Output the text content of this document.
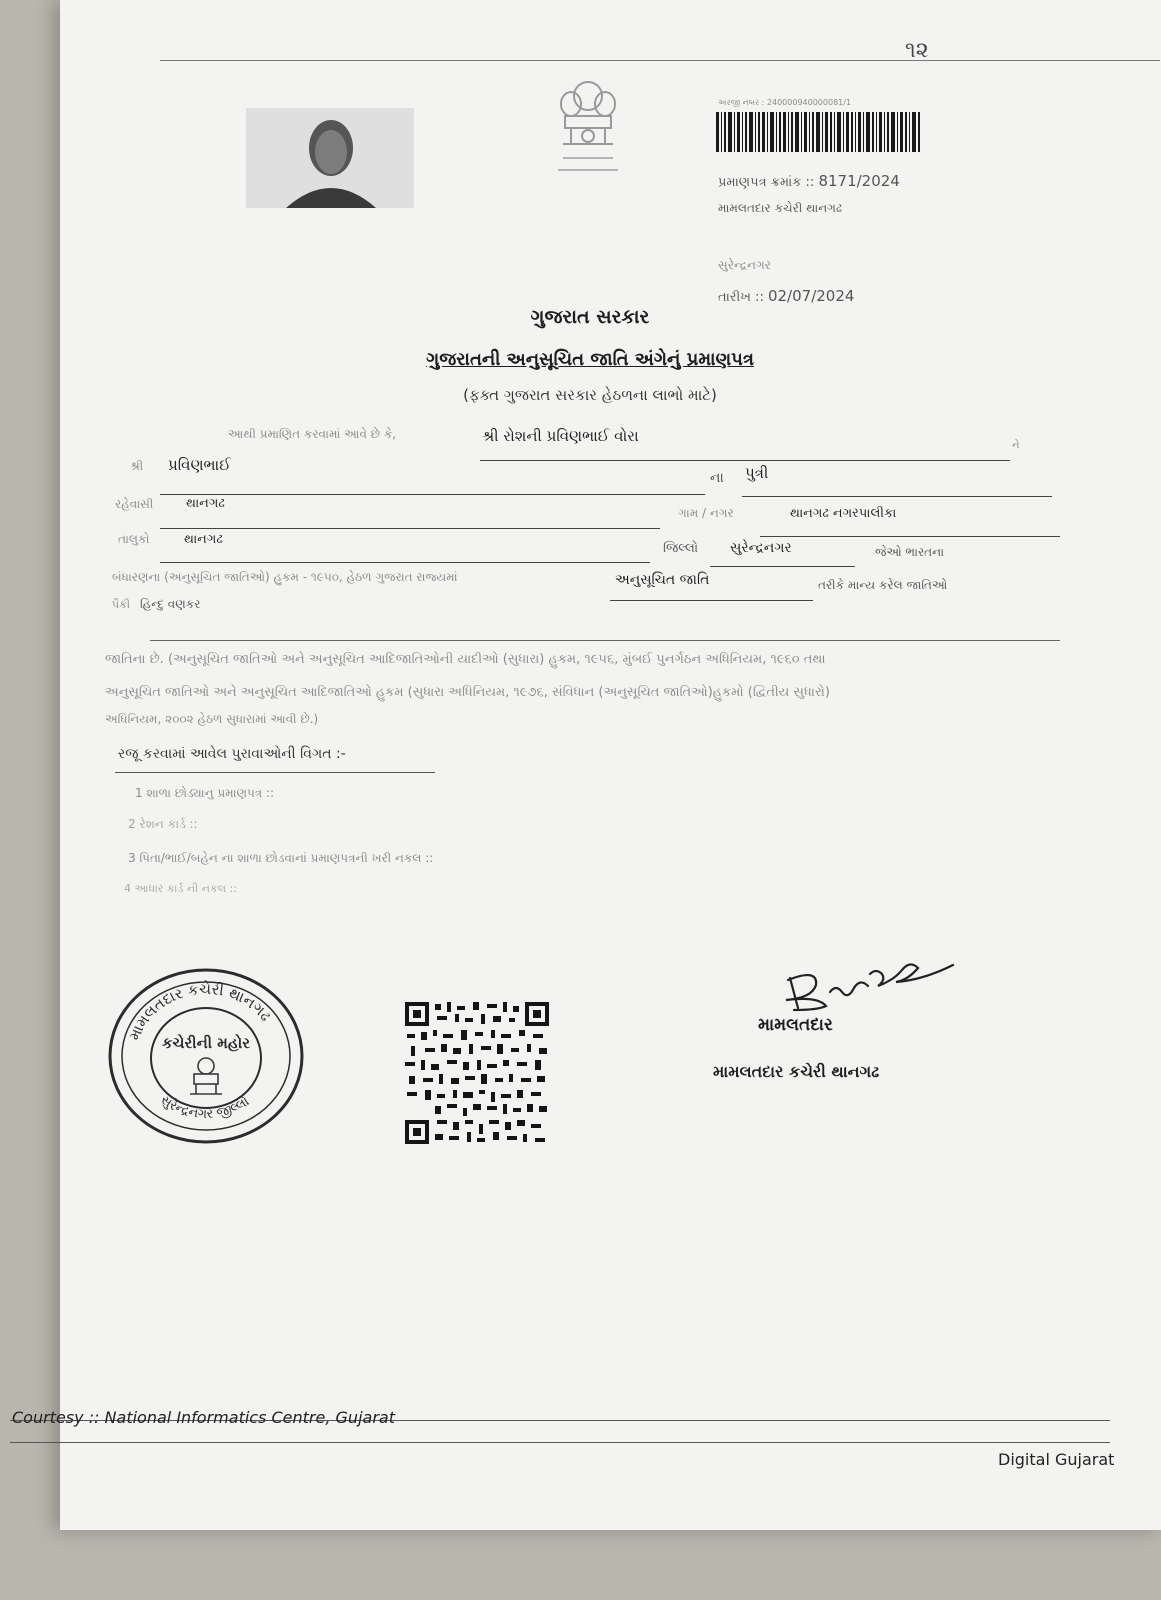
૧૨
અરજી નંબર : 240000940000081/1
પ્રમાણપત્ર ક્રમાંક :: 8171/2024
મામલતદાર કચેરી થાનગઢ
સુરેન્દ્રનગર
તારીખ :: 02/07/2024
ગુજરાત સરકાર
ગુજરાતની અનુસૂચિત જાતિ અંગેનું પ્રમાણપત્ર
(ફક્ત ગુજરાત સરકાર હેઠળના લાભો માટે)
આથી પ્રમાણિત કરવામાં આવે છે કે,	શ્રી રોશની પ્રવિણભાઈ વોરા
ને
શ્રી પ્રવિણભાઈ
ના પુત્રી
રહેવાસી	થાનગઢ
ગામ / નગર	થાનગઢ નગરપાલીકા
તાલુકો	થાનગઢ
જિલ્લો સુરેન્દ્રનગર	જેઓ ભારતના
બંધારણના (અનુસૂચિત જાતિઓ) હુકમ - ૧૯૫૦, હેઠળ ગુજરાત રાજ્યમાં	અનુસૂચિત જાતિ	તરીકે માન્ય કરેલ જાતિઓ
પૈકી હિન્દુ વણકર
જાતિના છે. (અનુસૂચિત જાતિઓ અને અનુસૂચિત આદિજાતિઓની યાદીઓ (સુધારા) હુકમ, ૧૯૫૬, મુંબઈ પુનર્ગઠન અધિનિયમ, ૧૯૬૦ તથા
અનુસૂચિત જાતિઓ અને અનુસૂચિત આદિજાતિઓ હુકમ (સુધારા અધિનિયમ, ૧૯૭૬, સંવિધાન (અનુસૂચિત જાતિઓ)હુકમો (દ્વિતીય સુધારો)
અધિનિયમ, ૨૦૦૨ હેઠળ સુધારામાં આવી છે.)
રજૂ કરવામાં આવેલ પુરાવાઓની વિગત :-
1 શાળા છોડ્યાનુ પ્રમાણપત્ર ::
2 રેશન કાર્ડ ::
3 પિતા/ભાઈ/બહેન ના શાળા છોડવાનાં પ્રમાણપત્રની ખરી નકલ ::
4 આધાર કાર્ડ ની નકલ ::
મામલતદાર કચેરી થાનગઢ
સુરેન્દ્રનગર જીલ્લો
કચેરીની મહોર
મામલતદાર
મામલતદાર કચેરી થાનગઢ
Courtesy :: National Informatics Centre, Gujarat
Digital Gujarat
